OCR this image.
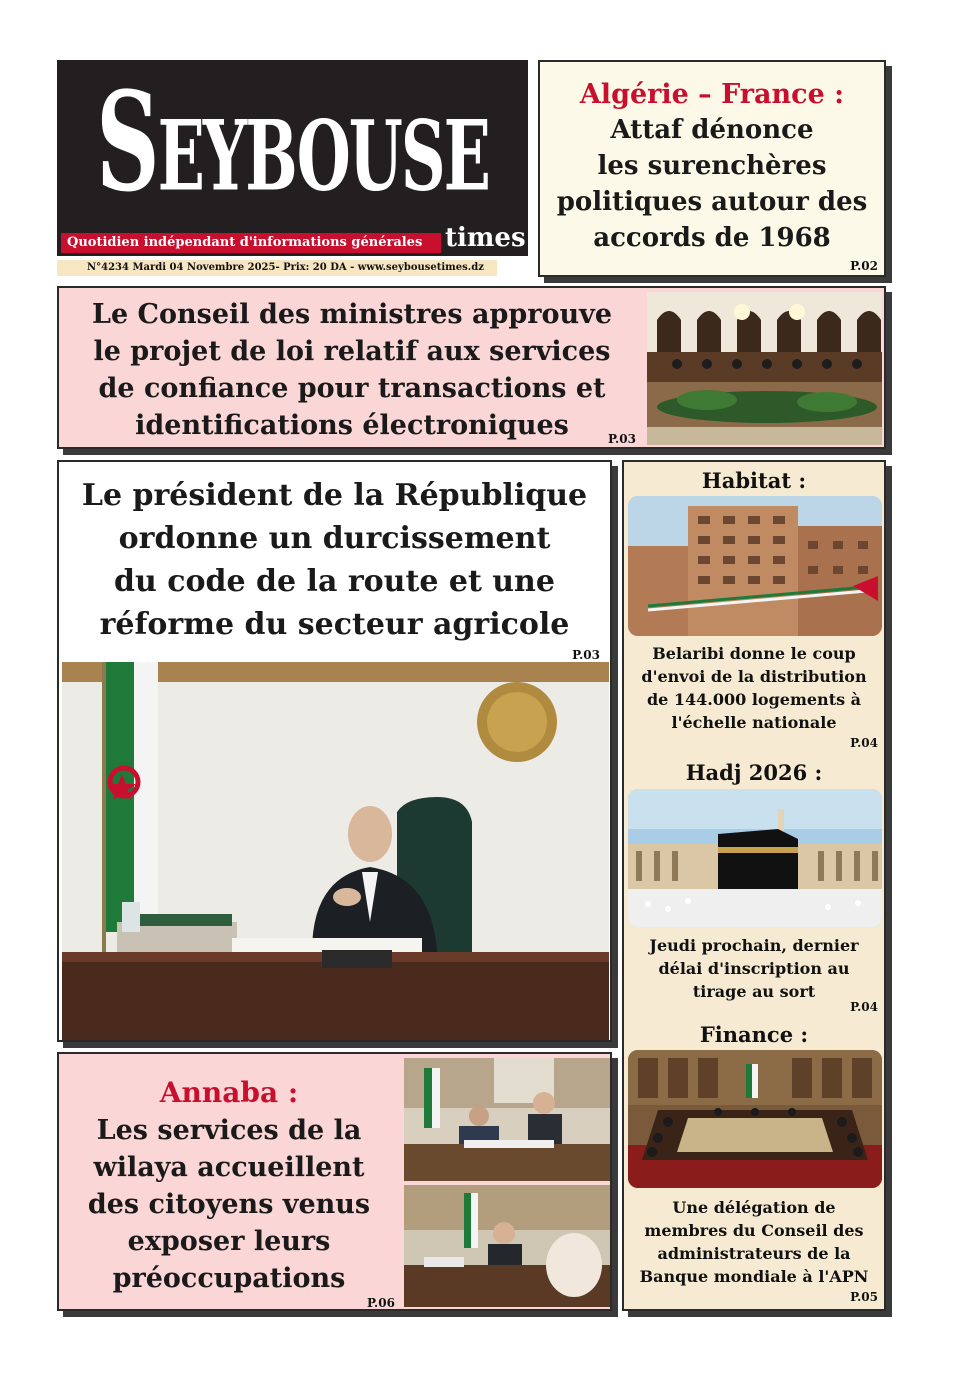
Seybouse
Quotidien indépendant d'informations générales times
N°4234 Mardi 04 Novembre 2025- Prix: 20 DA - www.seybousetimes.dz
Algérie – France :
Attaf dénonce
les surenchères
politiques autour des
accords de 1968
P.02
Le Conseil des ministres approuve
le projet de loi relatif aux services
de confiance pour transactions et
identifications électroniques	P.03
Le président de la République
ordonne un durcissement
du code de la route et une
réforme du secteur agricole
P.03
Annaba :
Les services de la
wilaya accueillent
des citoyens venus
exposer leurs
préoccupations
P.06
Habitat :
Belaribi donne le coup
d'envoi de la distribution
de 144.000 logements à
l'échelle nationale
P.04
Hadj 2026 :
Jeudi prochain, dernier
délai d'inscription au
tirage au sort
P.04
Finance :
Une délégation de
membres du Conseil des
administrateurs de la
Banque mondiale à l'APN
P.05
